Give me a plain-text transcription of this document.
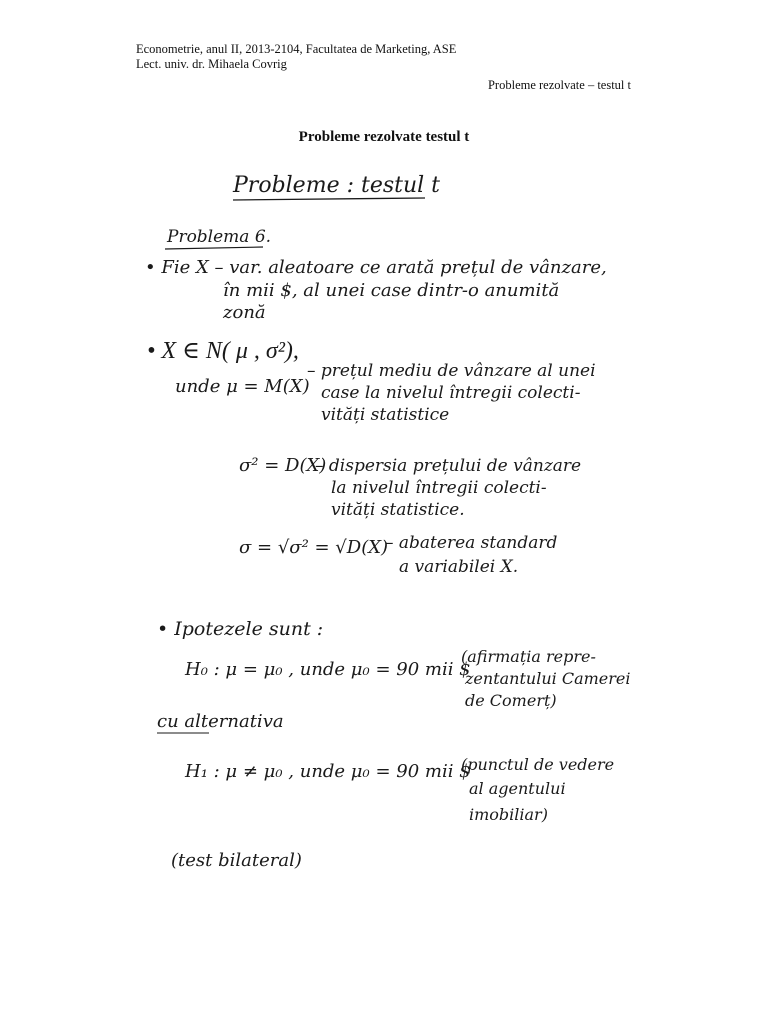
Econometrie, anul II, 2013-2104, Facultatea de Marketing, ASE
Lect. univ. dr. Mihaela Covrig
Probleme rezolvate – testul t
Probleme rezolvate testul t
Probleme : testul t
Problema 6.
• Fie X – var. aleatoare ce arată prețul de vânzare,
în mii $, al unei case dintr-o anumită
zonă
• X ∈ N( μ , σ²),
unde μ = M(X)
– prețul mediu de vânzare al unei
case la nivelul întregii colecti-
vități statistice
σ² = D(X)
– dispersia prețului de vânzare
la nivelul întregii colecti-
vități statistice.
σ = √σ² = √D(X)
– abaterea standard
a variabilei X.
• Ipotezele sunt :
H₀ : μ = μ₀ , unde μ₀ = 90 mii $
(afirmația repre-
zentantului Camerei
de Comerț)
cu alternativa
H₁ : μ ≠ μ₀ , unde μ₀ = 90 mii $
(punctul de vedere
al agentului
imobiliar)
(test bilateral)
